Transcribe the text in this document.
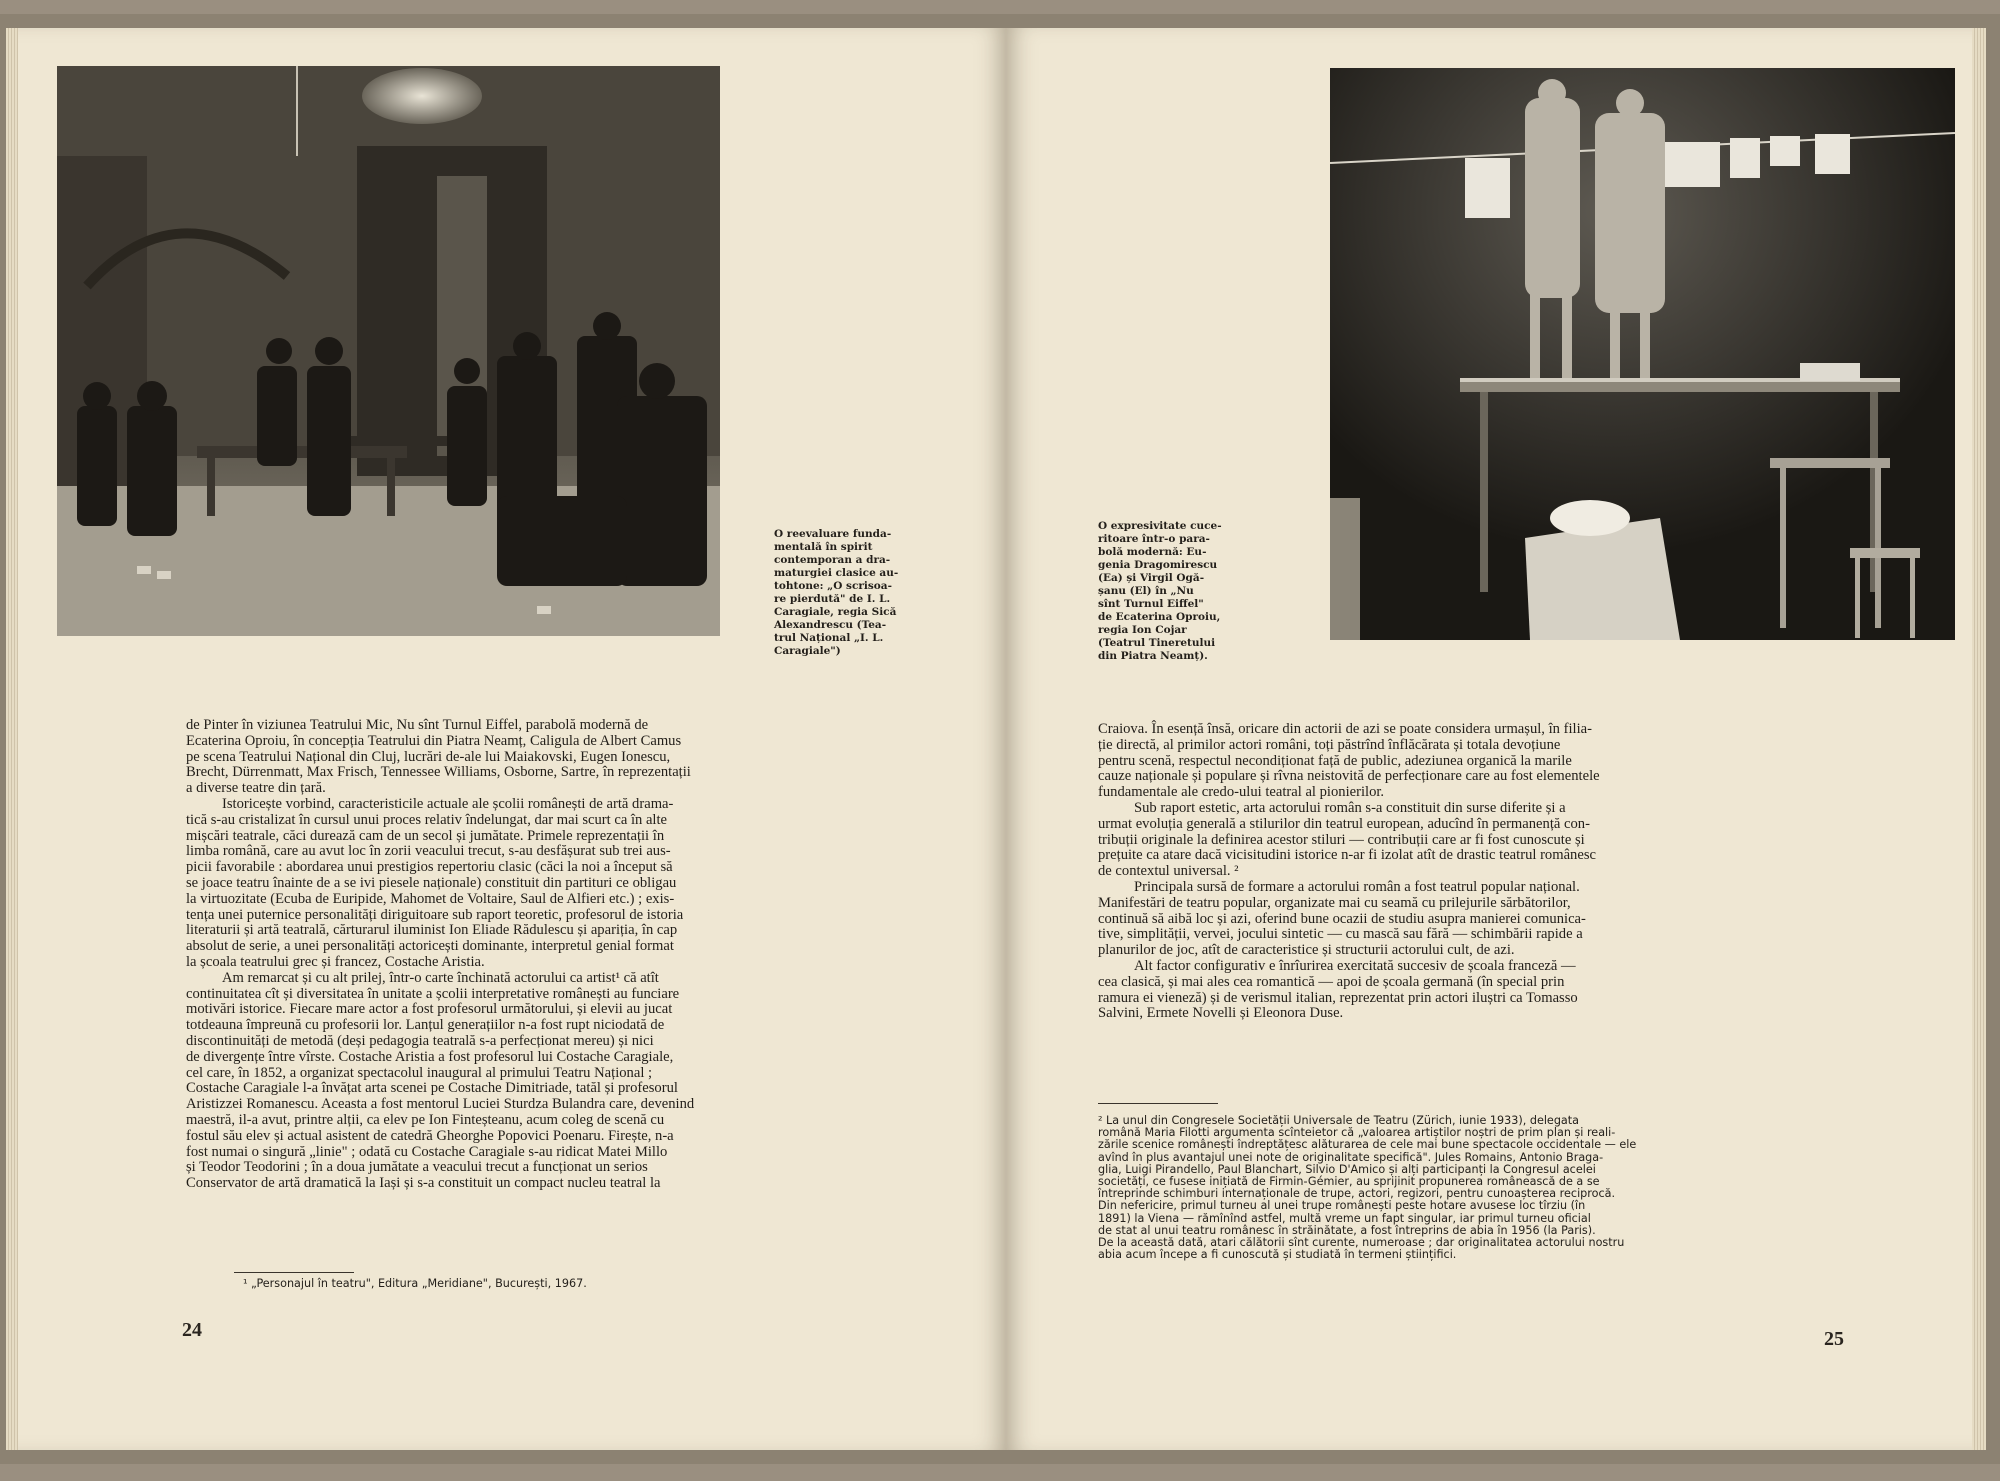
O reevaluare funda-
mentală în spirit
contemporan a dra-
maturgiei clasice au-
tohtone: „O scrisoa-
re pierdută" de I. L.
Caragiale, regia Sică
Alexandrescu (Tea-
trul Național „I. L.
Caragiale")
de Pinter în viziunea Teatrului Mic, Nu sînt Turnul Eiffel, parabolă modernă de
Ecaterina Oproiu, în concepția Teatrului din Piatra Neamț, Caligula de Albert Camus
pe scena Teatrului Național din Cluj, lucrări de-ale lui Maiakovski, Eugen Ionescu,
Brecht, Dürrenmatt, Max Frisch, Tennessee Williams, Osborne, Sartre, în reprezentații
a diverse teatre din țară.
Istoricește vorbind, caracteristicile actuale ale școlii românești de artă drama-
tică s-au cristalizat în cursul unui proces relativ îndelungat, dar mai scurt ca în alte
mișcări teatrale, căci durează cam de un secol și jumătate. Primele reprezentații în
limba română, care au avut loc în zorii veacului trecut, s-au desfășurat sub trei aus-
picii favorabile : abordarea unui prestigios repertoriu clasic (căci la noi a început să
se joace teatru înainte de a se ivi piesele naționale) constituit din partituri ce obligau
la virtuozitate (Ecuba de Euripide, Mahomet de Voltaire, Saul de Alfieri etc.) ; exis-
tența unei puternice personalități diriguitoare sub raport teoretic, profesorul de istoria
literaturii și artă teatrală, cărturarul iluminist Ion Eliade Rădulescu și apariția, în cap
absolut de serie, a unei personalități actoricești dominante, interpretul genial format
la școala teatrului grec și francez, Costache Aristia.
Am remarcat și cu alt prilej, într-o carte închinată actorului ca artist¹ că atît
continuitatea cît și diversitatea în unitate a școlii interpretative românești au funciare
motivări istorice. Fiecare mare actor a fost profesorul următorului, și elevii au jucat
totdeauna împreună cu profesorii lor. Lanțul generațiilor n-a fost rupt niciodată de
discontinuități de metodă (deși pedagogia teatrală s-a perfecționat mereu) și nici
de divergențe între vîrste. Costache Aristia a fost profesorul lui Costache Caragiale,
cel care, în 1852, a organizat spectacolul inaugural al primului Teatru Național ;
Costache Caragiale l-a învățat arta scenei pe Costache Dimitriade, tatăl și profesorul
Aristizzei Romanescu. Aceasta a fost mentorul Luciei Sturdza Bulandra care, devenind
maestră, il-a avut, printre alții, ca elev pe Ion Finteșteanu, acum coleg de scenă cu
fostul său elev și actual asistent de catedră Gheorghe Popovici Poenaru. Firește, n-a
fost numai o singură „linie" ; odată cu Costache Caragiale s-au ridicat Matei Millo
și Teodor Teodorini ; în a doua jumătate a veacului trecut a funcționat un serios
Conservator de artă dramatică la Iași și s-a constituit un compact nucleu teatral la
¹ „Personajul în teatru", Editura „Meridiane", București, 1967.
24
O expresivitate cuce-
ritoare într-o para-
bolă modernă: Eu-
genia Dragomirescu
(Ea) și Virgil Ogă-
șanu (El) în „Nu
sînt Turnul Eiffel"
de Ecaterina Oproiu,
regia Ion Cojar
(Teatrul Tineretului
din Piatra Neamț).
Craiova. În esență însă, oricare din actorii de azi se poate considera urmașul, în filia-
ție directă, al primilor actori români, toți păstrînd înflăcărata și totala devoțiune
pentru scenă, respectul necondiționat față de public, adeziunea organică la marile
cauze naționale și populare și rîvna neistovită de perfecționare care au fost elementele
fundamentale ale credo-ului teatral al pionierilor.
Sub raport estetic, arta actorului român s-a constituit din surse diferite și a
urmat evoluția generală a stilurilor din teatrul european, aducînd în permanență con-
tribuții originale la definirea acestor stiluri — contribuții care ar fi fost cunoscute și
prețuite ca atare dacă vicisitudini istorice n-ar fi izolat atît de drastic teatrul românesc
de contextul universal. ²
Principala sursă de formare a actorului român a fost teatrul popular național.
Manifestări de teatru popular, organizate mai cu seamă cu prilejurile sărbătorilor,
continuă să aibă loc și azi, oferind bune ocazii de studiu asupra manierei comunica-
tive, simplității, vervei, jocului sintetic — cu mască sau fără — schimbării rapide a
planurilor de joc, atît de caracteristice și structurii actorului cult, de azi.
Alt factor configurativ e înrîurirea exercitată succesiv de școala franceză —
cea clasică, și mai ales cea romantică — apoi de școala germană (în special prin
ramura ei vieneză) și de verismul italian, reprezentat prin actori iluștri ca Tomasso
Salvini, Ermete Novelli și Eleonora Duse.
² La unul din Congresele Societății Universale de Teatru (Zürich, iunie 1933), delegata
română Maria Filotti argumenta scînteietor că „valoarea artiștilor noștri de prim plan și reali-
zările scenice românești îndreptățesc alăturarea de cele mai bune spectacole occidentale — ele
avînd în plus avantajul unei note de originalitate specifică". Jules Romains, Antonio Braga-
glia, Luigi Pirandello, Paul Blanchart, Silvio D'Amico și alți participanți la Congresul acelei
societăți, ce fusese inițiată de Firmin-Gémier, au sprijinit propunerea românească de a se
întreprinde schimburi internaționale de trupe, actori, regizori, pentru cunoașterea reciprocă.
Din nefericire, primul turneu al unei trupe românești peste hotare avusese loc tîrziu (în
1891) la Viena — rămînînd astfel, multă vreme un fapt singular, iar primul turneu oficial
de stat al unui teatru românesc în străinătate, a fost întreprins de abia în 1956 (la Paris).
De la această dată, atari călătorii sînt curente, numeroase ; dar originalitatea actorului nostru
abia acum începe a fi cunoscută și studiată în termeni științifici.
25
